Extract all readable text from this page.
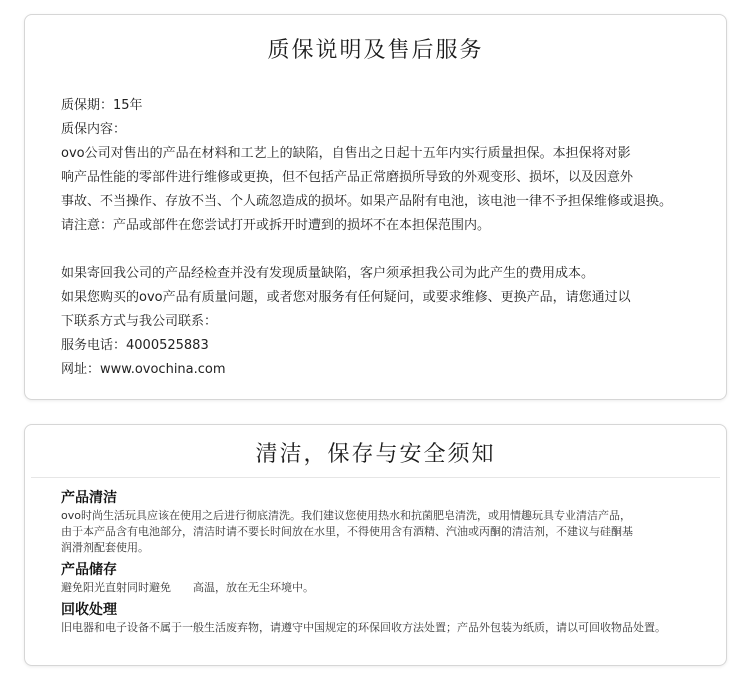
质保说明及售后服务

质保期：15年

质保内容：

ovo公司对售出的产品在材料和工艺上的缺陷，自售出之日起十五年内实行质量担保。本担保将对影

响产品性能的零部件进行维修或更换，但不包括产品正常磨损所导致的外观变形、损坏，以及因意外

事故、不当操作、存放不当、个人疏忽造成的损坏。如果产品附有电池，该电池一律不予担保维修或退换。

请注意：产品或部件在您尝试打开或拆开时遭到的损坏不在本担保范围内。

如果寄回我公司的产品经检查并没有发现质量缺陷，客户须承担我公司为此产生的费用成本。

如果您购买的ovo产品有质量问题，或者您对服务有任何疑问，或要求维修、更换产品，请您通过以

下联系方式与我公司联系：

服务电话：4000525883

网址：www.ovochina.com

清洁，保存与安全须知
产品清洁

ovo时尚生活玩具应该在使用之后进行彻底清洗。我们建议您使用热水和抗菌肥皂清洗，或用情趣玩具专业清洁产品，

由于本产品含有电池部分，清洁时请不要长时间放在水里，不得使用含有酒精、汽油或丙酮的清洁剂，不建议与硅酮基

润滑剂配套使用。

产品储存

避免阳光直射同时避免　　高温，放在无尘环境中。

回收处理

旧电器和电子设备不属于一般生活废弃物，请遵守中国规定的环保回收方法处置；产品外包装为纸质，请以可回收物品处置。
